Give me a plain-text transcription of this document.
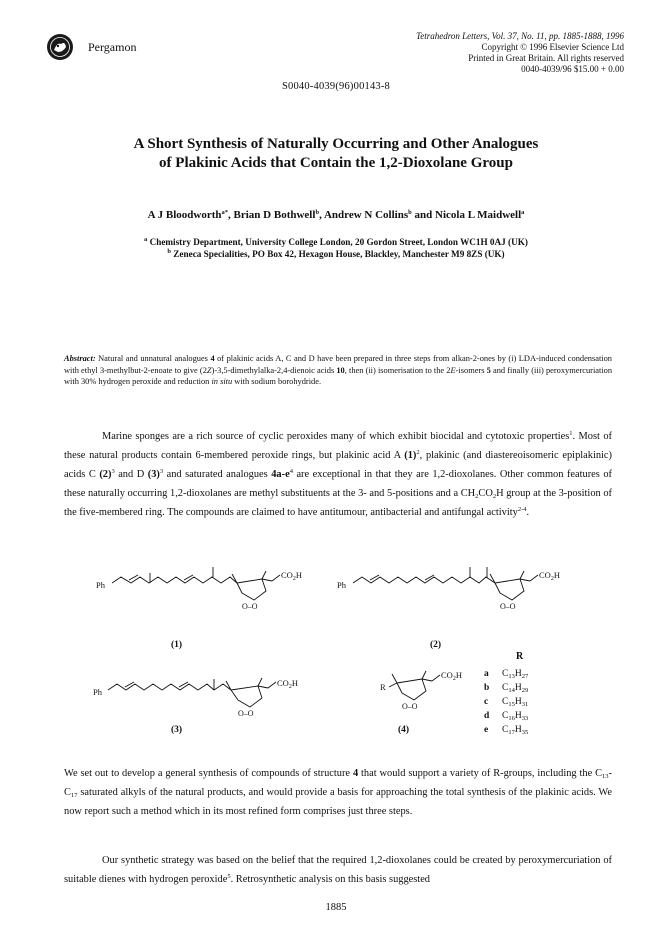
Pergamon
Tetrahedron Letters, Vol. 37, No. 11, pp. 1885-1888, 1996
Copyright © 1996 Elsevier Science Ltd
Printed in Great Britain. All rights reserved
0040-4039/96 $15.00 + 0.00
S0040-4039(96)00143-8
A Short Synthesis of Naturally Occurring and Other Analogues
of Plakinic Acids that Contain the 1,2-Dioxolane Group
A J Bloodworth$^{a*}$, Brian D Bothwell$^b$, Andrew N Collins$^b$ and Nicola L Maidwell$^a$
$^a$ Chemistry Department, University College London, 20 Gordon Street, London WC1H 0AJ (UK)
$^b$ Zeneca Specialities, PO Box 42, Hexagon House, Blackley, Manchester M9 8ZS (UK)
Abstract: Natural and unnatural analogues 4 of plakinic acids A, C and D have been prepared in three steps from alkan-2-ones by (i) LDA-induced condensation with ethyl 3-methylbut-2-enoate to give (2Z)-3,5-dimethylalka-2,4-dienoic acids 10, then (ii) isomerisation to the 2E-isomers 5 and finally (iii) peroxymercuriation with 30% hydrogen peroxide and reduction in situ with sodium borohydride.
Marine sponges are a rich source of cyclic peroxides many of which exhibit biocidal and cytotoxic properties$^1$. Most of these natural products contain 6-membered peroxide rings, but plakinic acid A $(1)^2$, plakinic (and diastereoisomeric epiplakinic) acids C $(2)^3$ and D $(3)^3$ and saturated analogues $4a-e^4$ are exceptional in that they are 1,2-dioxolanes. Other common features of these naturally occurring 1,2-dioxolanes are methyl substituents at the 3- and 5-positions and a $CH_2CO_2H$ group at the 3-position of the five-membered ring. The compounds are claimed to have antitumour, antibacterial and antifungal activity$^{2-4}$.
Ph
$CO_2H$
O–O
(1)
Ph
$CO_2H$
O–O
(2)
Ph
$CO_2H$
O–O
(3)
R
$CO_2H$
O–O
(4)
R
a $C_{13}H_{27}$
b $C_{14}H_{29}$
c $C_{15}H_{31}$
d $C_{16}H_{33}$
e $C_{17}H_{35}$
We set out to develop a general synthesis of compounds of structure 4 that would support a variety of R-groups, including the $C_{13}-C_{17}$ saturated alkyls of the natural products, and would provide a basis for approaching the total synthesis of the plakinic acids. We now report such a method which in its most refined form comprises just three steps.
Our synthetic strategy was based on the belief that the required 1,2-dioxolanes could be created by peroxymercuriation of suitable dienes with hydrogen peroxide$^5$. Retrosynthetic analysis on this basis suggested
1885
